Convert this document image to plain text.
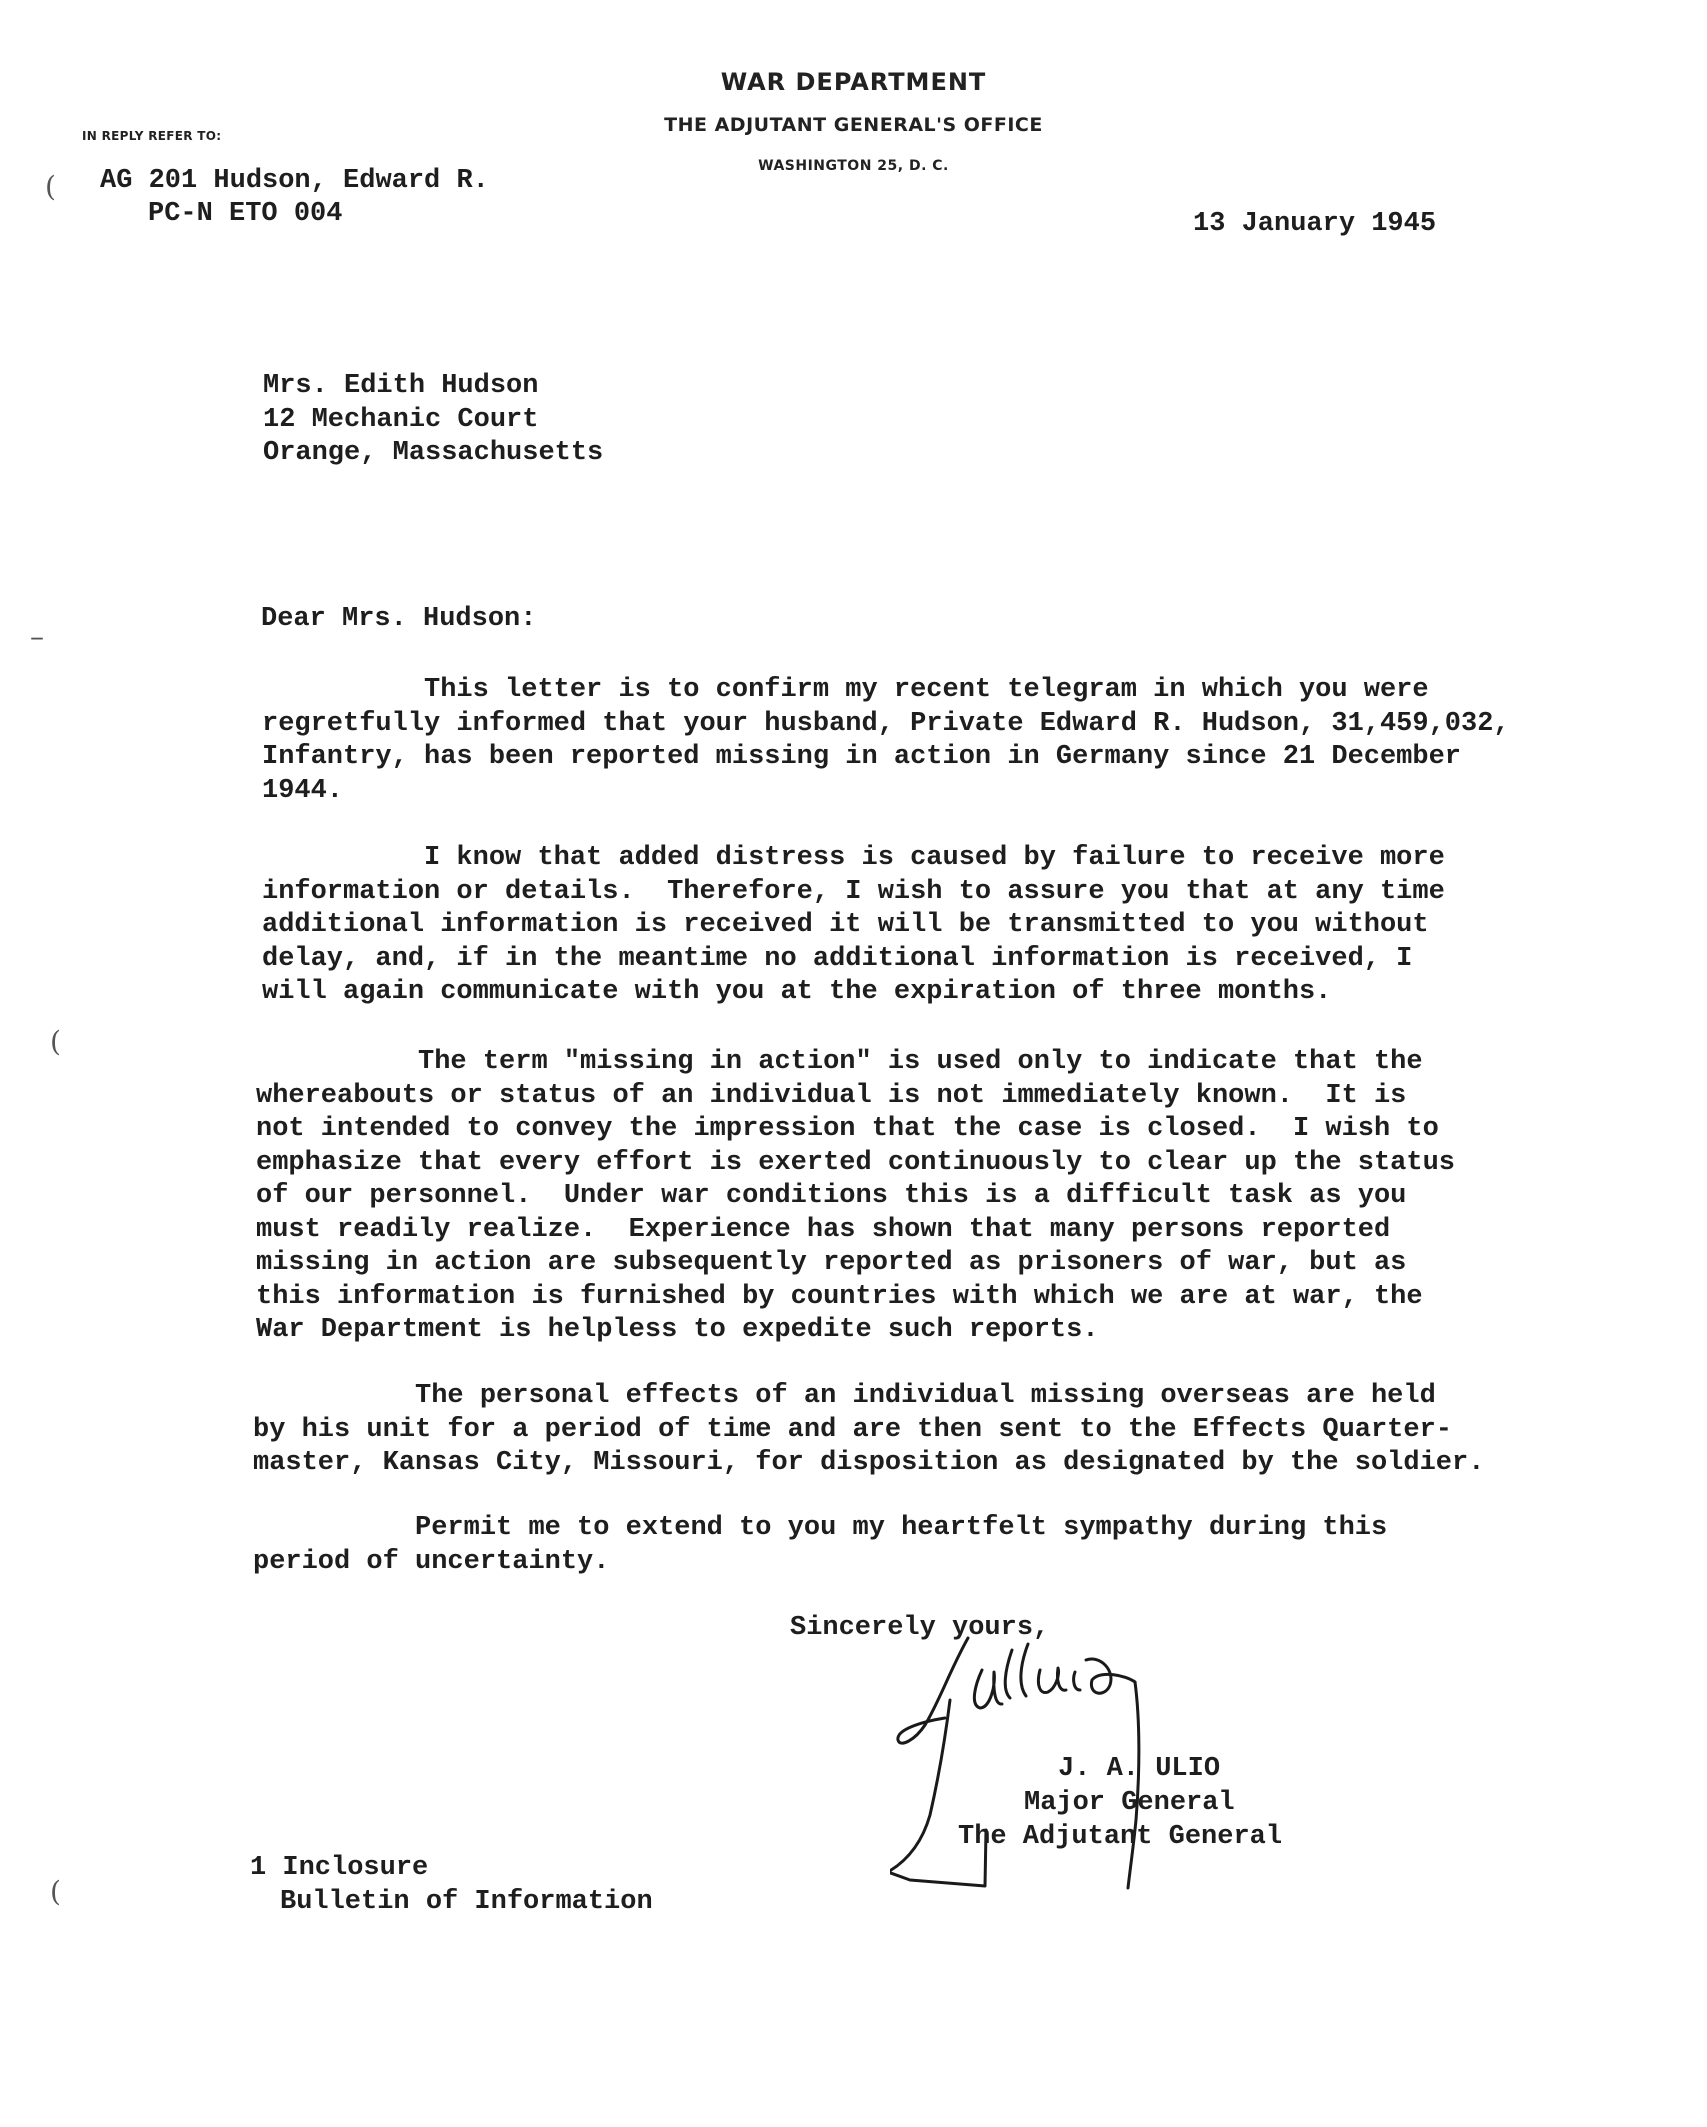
WAR DEPARTMENT
THE ADJUTANT GENERAL'S OFFICE
WASHINGTON 25, D. C.
IN REPLY REFER TO:
AG 201 Hudson, Edward R.
PC-N ETO 004	13 January 1945
Mrs. Edith Hudson
12 Mechanic Court
Orange, Massachusetts
Dear Mrs. Hudson:
This letter is to confirm my recent telegram in which you were
regretfully informed that your husband, Private Edward R. Hudson, 31,459,032,
Infantry, has been reported missing in action in Germany since 21 December
1944.
I know that added distress is caused by failure to receive more
information or details.  Therefore, I wish to assure you that at any time
additional information is received it will be transmitted to you without
delay, and, if in the meantime no additional information is received, I
will again communicate with you at the expiration of three months.
The term "missing in action" is used only to indicate that the
whereabouts or status of an individual is not immediately known.  It is
not intended to convey the impression that the case is closed.  I wish to
emphasize that every effort is exerted continuously to clear up the status
of our personnel.  Under war conditions this is a difficult task as you
must readily realize.  Experience has shown that many persons reported
missing in action are subsequently reported as prisoners of war, but as
this information is furnished by countries with which we are at war, the
War Department is helpless to expedite such reports.
The personal effects of an individual missing overseas are held
by his unit for a period of time and are then sent to the Effects Quarter-
master, Kansas City, Missouri, for disposition as designated by the soldier.
Permit me to extend to you my heartfelt sympathy during this
period of uncertainty.
Sincerely yours,
J. A. ULIO
Major General
The Adjutant General
1 Inclosure
Bulletin of Information
(
–
(
(
